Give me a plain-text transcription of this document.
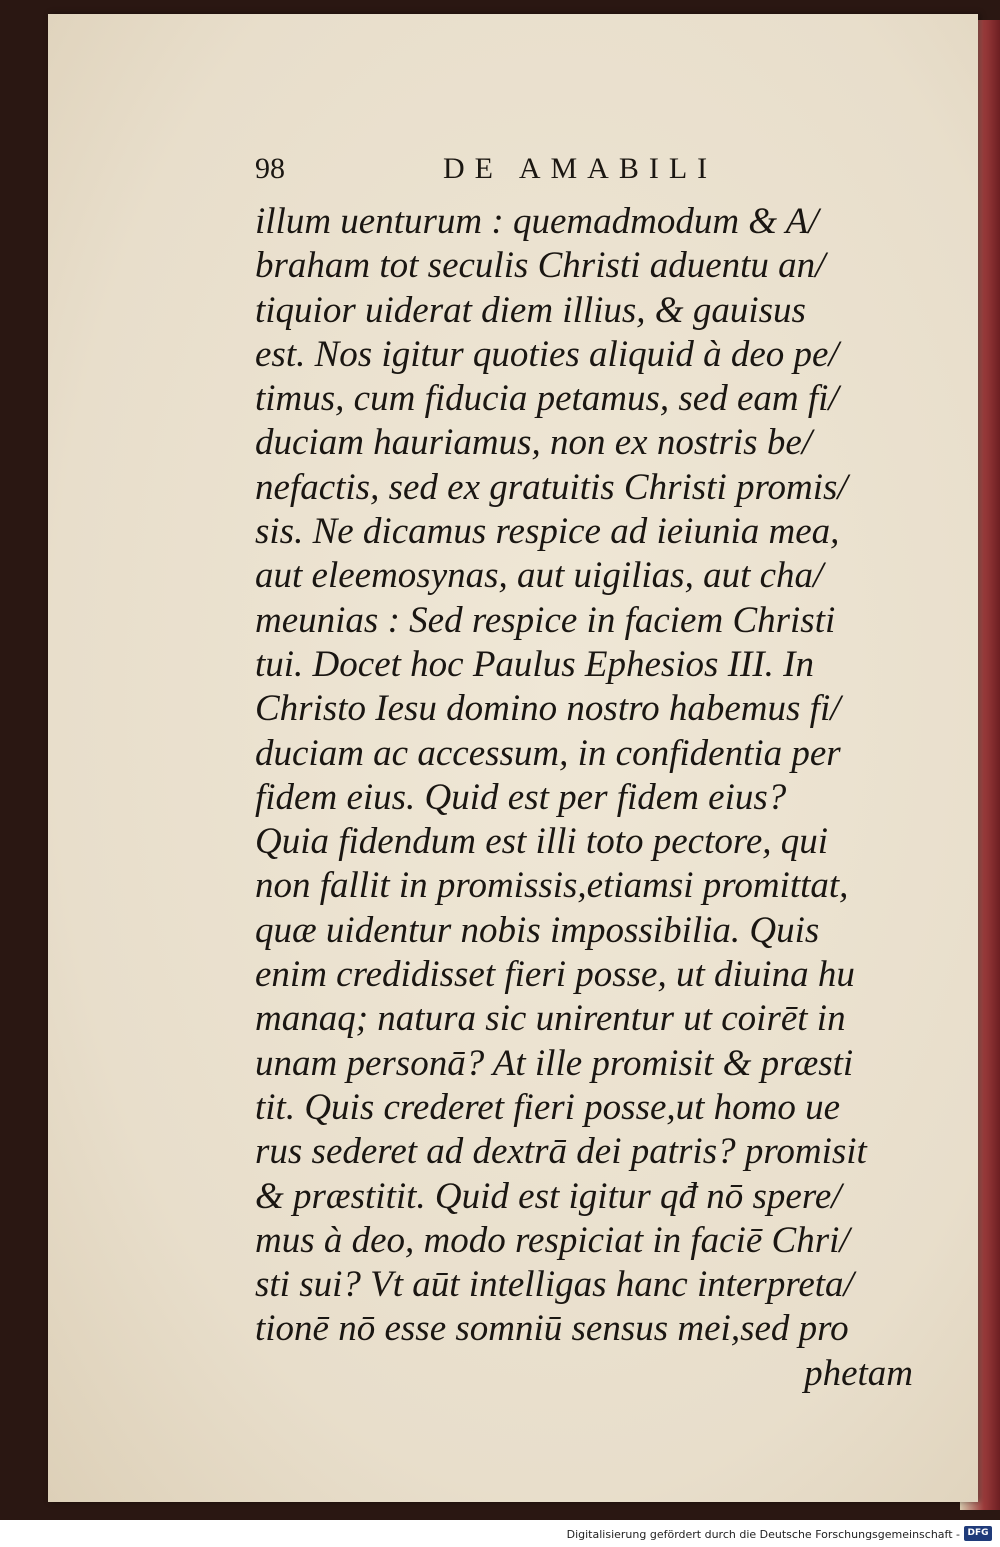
98	DE AMABILI
illum uenturum : quemadmodum & A/
braham tot seculis Christi aduentu an/
tiquior uiderat diem illius, & gauisus
est. Nos igitur quoties aliquid à deo pe/
timus, cum fiducia petamus, sed eam fi/
duciam hauriamus, non ex nostris be/
nefactis, sed ex gratuitis Christi promis/
sis. Ne dicamus respice ad ieiunia mea,
aut eleemosynas, aut uigilias, aut cha/
meunias : Sed respice in faciem Christi
tui. Docet hoc Paulus Ephesios III. In
Christo Iesu domino nostro habemus fi/
duciam ac accessum, in confidentia per
fidem eius. Quid est per fidem eius?
Quia fidendum est illi toto pectore, qui
non fallit in promissis,etiamsi promittat,
quæ uidentur nobis impossibilia. Quis
enim credidisset fieri posse, ut diuina hu
manaq; natura sic unirentur ut coirēt in
unam personā? At ille promisit & præsti
tit. Quis crederet fieri posse,ut homo ue
rus sederet ad dextrā dei patris? promisit
& præstitit. Quid est igitur qđ nō spere/
mus à deo, modo respiciat in faciē Chri/
sti sui? Vt aūt intelligas hanc interpreta/
tionē nō esse somniū sensus mei,sed pro
phetam
Digitalisierung gefördert durch die Deutsche Forschungsgemeinschaft - DFG
